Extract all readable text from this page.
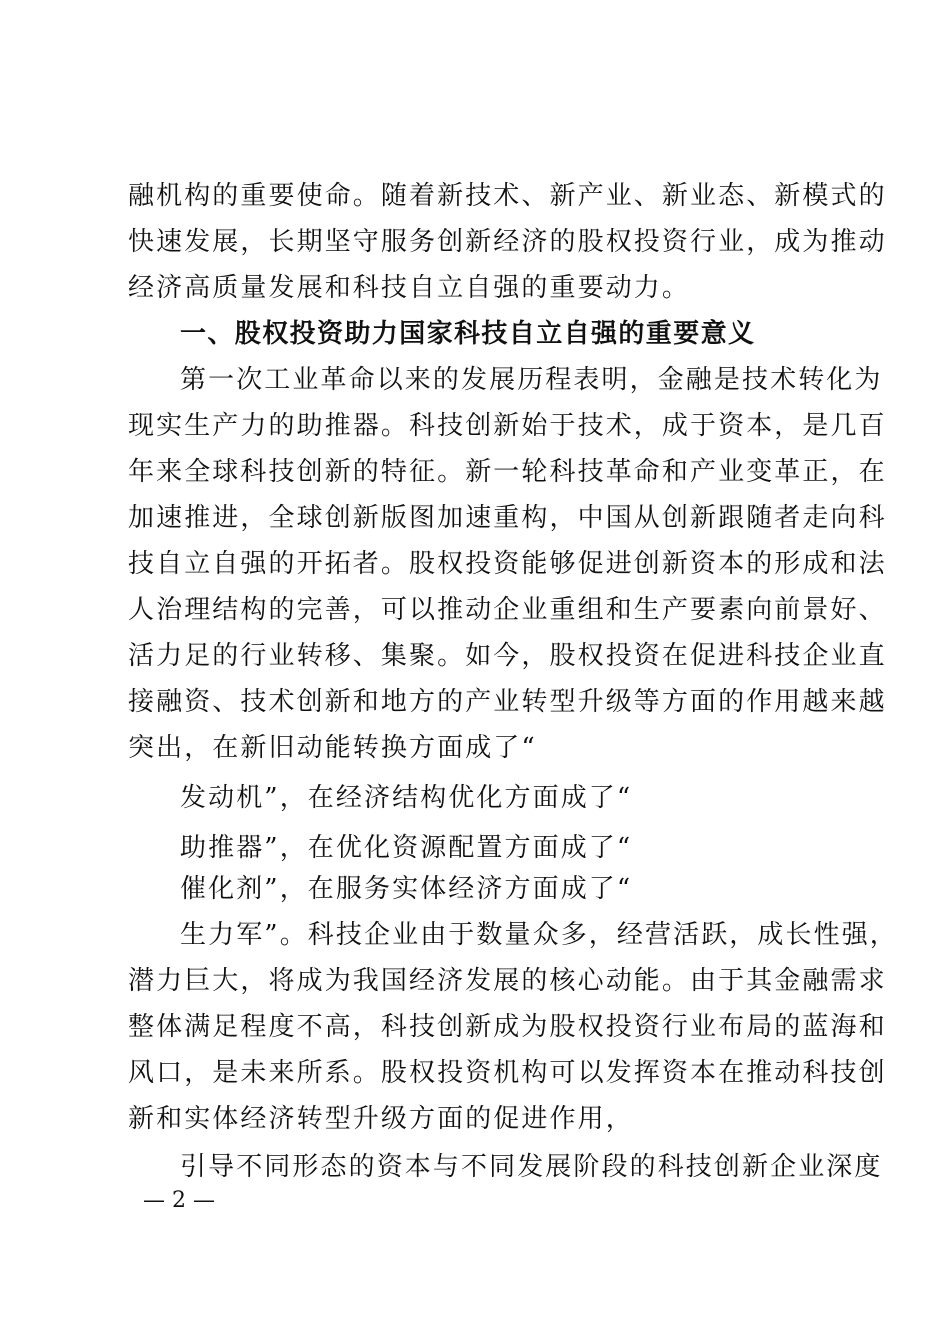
融机构的重要使命。随着新技术、新产业、新业态、新模式的
快速发展，长期坚守服务创新经济的股权投资行业，成为推动
经济高质量发展和科技自立自强的重要动力。
一、股权投资助力国家科技自立自强的重要意义
第一次工业革命以来的发展历程表明，金融是技术转化为
现实生产力的助推器。科技创新始于技术，成于资本，是几百
年来全球科技创新的特征。新一轮科技革命和产业变革正，在
加速推进，全球创新版图加速重构，中国从创新跟随者走向科
技自立自强的开拓者。股权投资能够促进创新资本的形成和法
人治理结构的完善，可以推动企业重组和生产要素向前景好、
活力足的行业转移、集聚。如今，股权投资在促进科技企业直
接融资、技术创新和地方的产业转型升级等方面的作用越来越
突出，在新旧动能转换方面成了“
发动机”，在经济结构优化方面成了“
助推器”，在优化资源配置方面成了“
催化剂”，在服务实体经济方面成了“
生力军”。科技企业由于数量众多，经营活跃，成长性强，
潜力巨大，将成为我国经济发展的核心动能。由于其金融需求
整体满足程度不高，科技创新成为股权投资行业布局的蓝海和
风口，是未来所系。股权投资机构可以发挥资本在推动科技创
新和实体经济转型升级方面的促进作用，
引导不同形态的资本与不同发展阶段的科技创新企业深度
— 2 —
